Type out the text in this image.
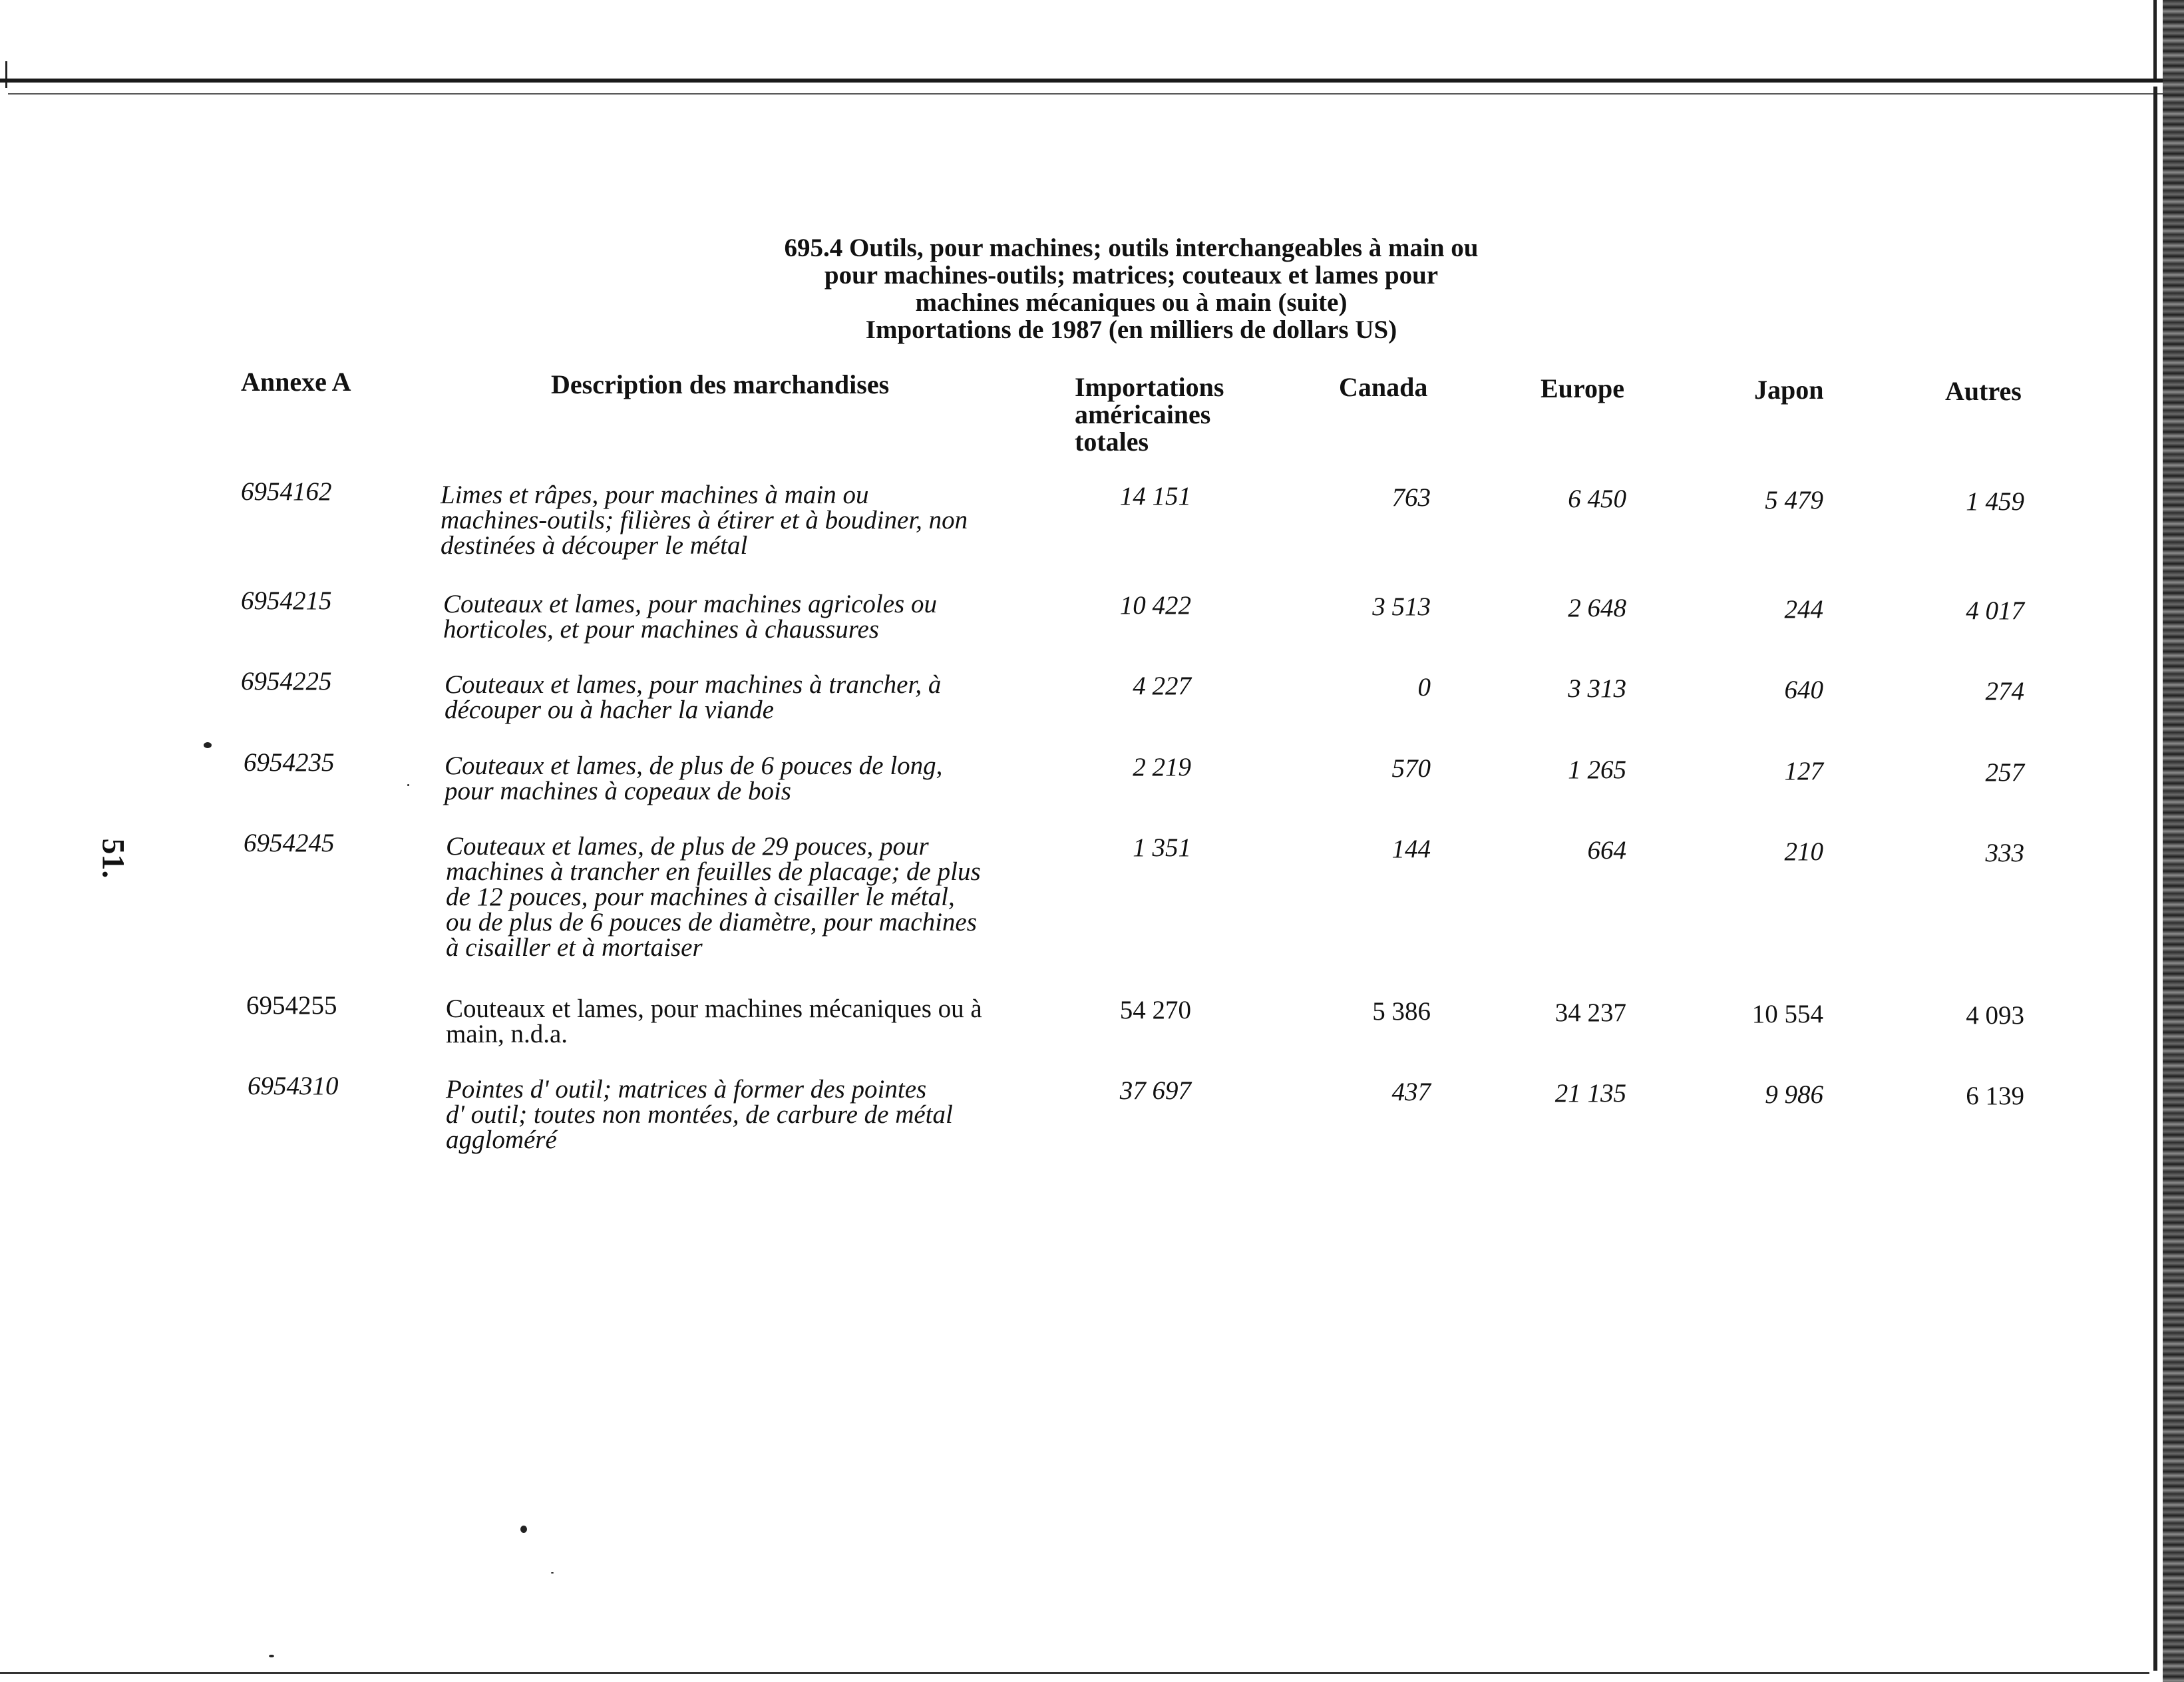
695.4 Outils, pour machines; outils interchangeables à main ou
pour machines-outils; matrices; couteaux et lames pour
machines mécaniques ou à main (suite)
Importations de 1987 (en milliers de dollars US)
51.
Annexe A	Description des marchandises	Importations
américaines
totales
Canada	Europe	Japon	Autres
6954162	Limes et râpes, pour machines à main ou
machines-outils; filières à étirer et à boudiner, non
destinées à découper le métal
14 151	763	6 450	5 479	1 459
6954215	Couteaux et lames, pour machines agricoles ou
horticoles, et pour machines à chaussures
10 422	3 513	2 648	244	4 017
6954225	Couteaux et lames, pour machines à trancher, à
découper ou à hacher la viande
4 227	0	3 313	640	274
6954235	Couteaux et lames, de plus de 6 pouces de long,
pour machines à copeaux de bois
2 219	570	1 265	127	257
6954245	Couteaux et lames, de plus de 29 pouces, pour
machines à trancher en feuilles de placage; de plus
de 12 pouces, pour machines à cisailler le métal,
ou de plus de 6 pouces de diamètre, pour machines
à cisailler et à mortaiser
1 351	144	664	210	333
6954255	Couteaux et lames, pour machines mécaniques ou à
main, n.d.a.
54 270	5 386	34 237	10 554	4 093
6954310	Pointes d' outil; matrices à former des pointes
d' outil; toutes non montées, de carbure de métal
aggloméré
37 697	437	21 135	9 986	6 139
